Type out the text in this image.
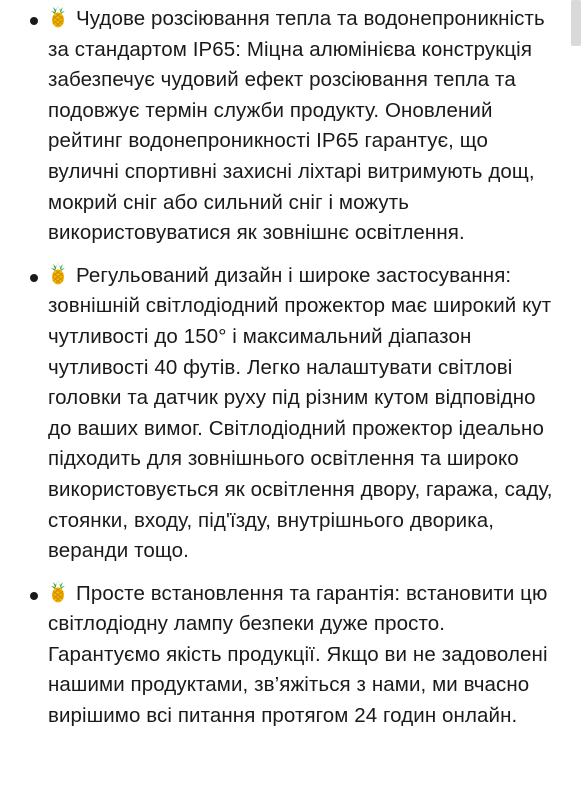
Чудове розсіювання тепла та водонепроникність за стандартом IP65: Міцна алюмінієва конструкція забезпечує чудовий ефект розсіювання тепла та подовжує термін служби продукту. Оновлений рейтинг водонепроникності IP65 гарантує, що вуличні спортивні захисні ліхтарі витримують дощ, мокрий сніг або сильний сніг і можуть використовуватися як зовнішнє освітлення.
Регульований дизайн і широке застосування: зовнішній світлодіодний прожектор має широкий кут чутливості до 150° і максимальний діапазон чутливості 40 футів. Легко налаштувати світлові головки та датчик руху під різним кутом відповідно до ваших вимог. Світлодіодний прожектор ідеально підходить для зовнішнього освітлення та широко використовується як освітлення двору, гаража, саду, стоянки, входу, під'їзду, внутрішнього дворика, веранди тощо.
Просте встановлення та гарантія: встановити цю світлодіодну лампу безпеки дуже просто. Гарантуємо якість продукції. Якщо ви не задоволені нашими продуктами, зв’яжіться з нами, ми вчасно вирішимо всі питання протягом 24 годин онлайн.
